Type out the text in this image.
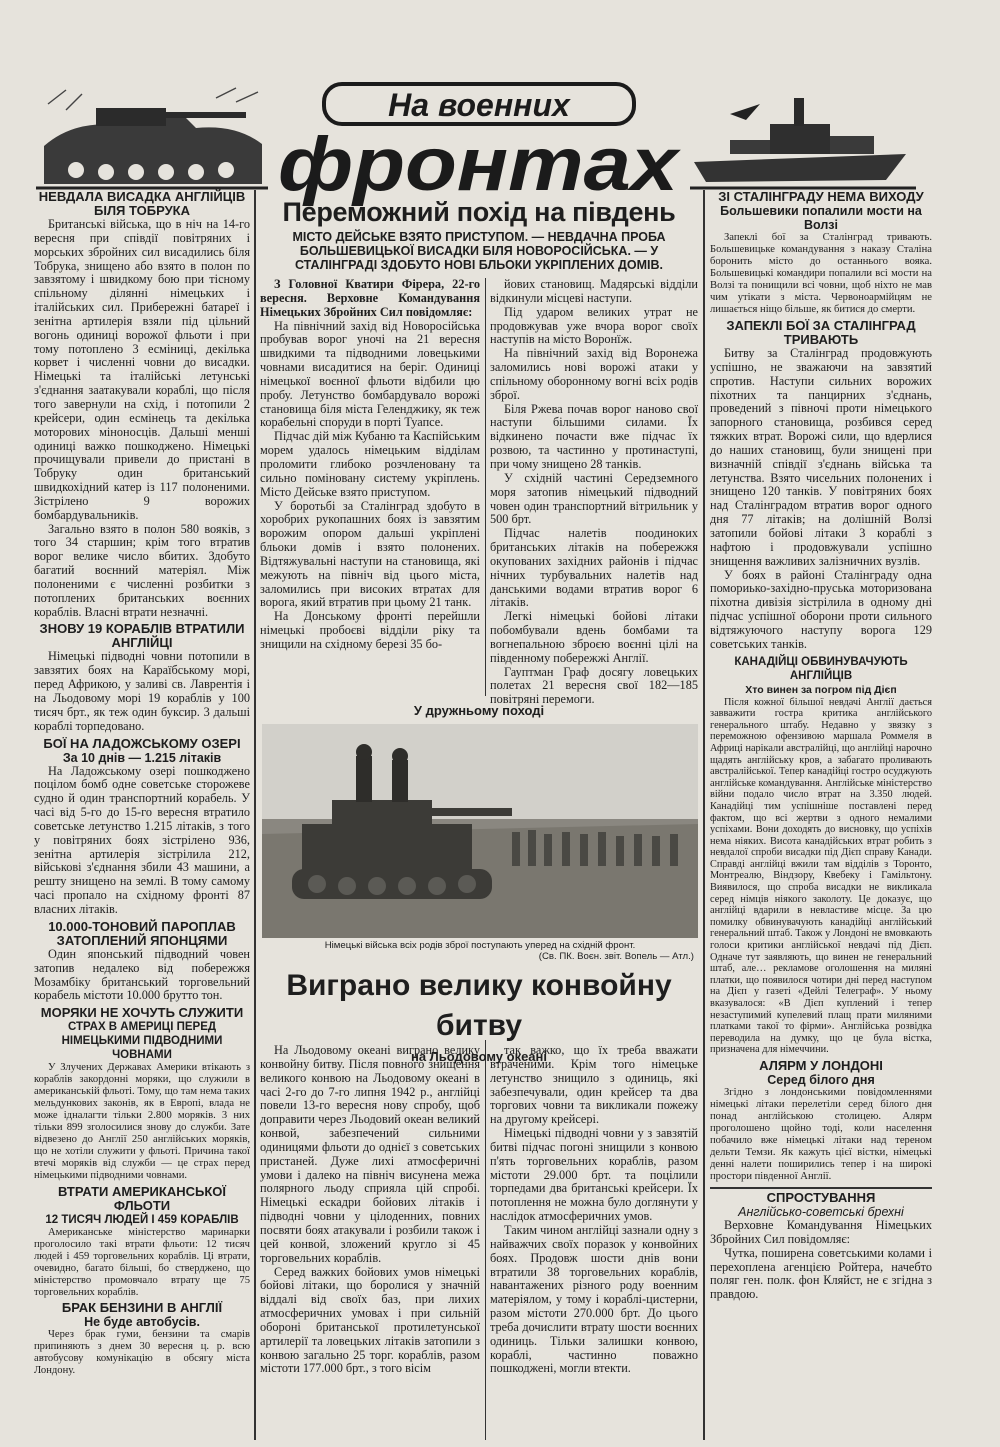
На военних
фронтах
НЕВДАЛА ВИСАДКА АНГЛІЙЦІВ БІЛЯ ТОБРУКА

Британські війська, що в ніч на 14-го вересня при співдії повітряних і морських збройних сил висадились біля Тобрука, знищено або взято в полон по завзятому і швидкому бою при тісному спільному ділянні німецьких і італійських сил. Прибережні батареї і зенітна артилерія взяли під цільний вогонь одиниці ворожої фльоти і при тому потоплено 3 есміниці, декілька корвет і численні човни до висадки. Німецькі та італійські летунські з'єднання заатакували кораблі, що після того завернули на схід, і потопили 2 крейсери, один есмінець та декілька моторових міноносців. Дальші менші одиниці важко пошкоджено. Німецькі прочищували привели до пристані в Тобруку один британський швидкохідний катер із 117 полоненими. Зістрілено 9 ворожих бомбардувальників.

Загально взято в полон 580 вояків, з того 34 старшин; крім того втратив ворог велике число вбитих. Здобуто багатий воєнний матеріял. Між полоненими є численні розбитки з потоплених британських воєнних кораблів. Власні втрати незначні.

ЗНОВУ 19 КОРАБЛІВ ВТРАТИЛИ АНГЛІЙЦІ

Німецькі підводні човни потопили в завзятих боях на Караїбському морі, перед Африкою, у заливі св. Лаврентія і на Льодовому морі 19 кораблів у 100 тисяч брт., як теж один буксир. 3 дальші кораблі торпедовано.

БОЇ НА ЛАДОЖСЬКОМУ ОЗЕРІ
За 10 днів — 1.215 літаків

На Ладожському озері пошкоджено поцілом бомб одне советське сторожеве судно й один транспортний корабель. У часі від 5-го до 15-го вересня втратило советське летунство 1.215 літаків, з того у повітряних боях зістрілено 936, зенітна артилерія зістрілила 212, військові з'єднання збили 43 машини, а решту знищено на землі. В тому самому часі пропало на східному фронті 87 власних літаків.

10.000-ТОНОВИЙ ПАРОПЛАВ ЗАТОПЛЕНИЙ ЯПОНЦЯМИ

Один японський підводний човен затопив недалеко від побережжя Мозамбіку британський торговельний корабель містоти 10.000 брутто тон.

МОРЯКИ НЕ ХОЧУТЬ СЛУЖИТИ
СТРАХ В АМЕРИЦІ ПЕРЕД НІМЕЦЬКИМИ ПІДВОДНИМИ ЧОВНАМИ

У Злучених Державах Америки втікають з кораблів закордонні моряки, що служили в американській фльоті. Тому, що там нема таких мельдункових законів, як в Европі, влада не може ідналагти тільки 2.800 моряків. 3 них тільки 899 зголосилися знову до служби. Зате відвезено до Англії 250 англійських моряків, що не хотіли служити у фльоті. Причина такої втечі моряків від служби — це страх перед німецькими підводними човнами.

ВТРАТИ АМЕРИКАНСЬКОЇ ФЛЬОТИ
12 ТИСЯЧ ЛЮДЕЙ І 459 КОРАБЛІВ

Американське міністерство маринарки проголосило такі втрати фльоти: 12 тисяч людей і 459 торговельних кораблів. Ці втрати, очевидно, багато більші, бо стверджено, що міністерство промовчало втрату ще 75 торговельних кораблів.

БРАК БЕНЗИНИ В АНГЛІЇ
Не буде автобусів.

Через брак гуми, бензини та смарів припиняють з днем 30 вересня ц. р. всю автобусову комунікацію в обсягу міста Лондону.

Переможний похід на південь
МІСТО ДЕЙСЬКЕ ВЗЯТО ПРИСТУПОМ. — НЕВДАЧНА ПРОБА БОЛЬШЕВИЦЬКОЇ ВИСАДКИ БІЛЯ НОВОРОСІЙСЬКА. — У СТАЛІНГРАДІ ЗДОБУТО НОВІ БЛЬОКИ УКРІПЛЕНИХ ДОМІВ.

З Головної Кватири Фірера, 22-го вересня. Верховне Командування Німецьких Збройних Сил повідомляє:

На північний захід від Новоросійська пробував ворог уночі на 21 вересня швидкими та підводними ловецькими човнами висадитися на беріг. Одиниці німецької воєнної фльоти відбили цю пробу. Летунство бомбардувало ворожі становища біля міста Геленджику, як теж корабельні споруди в порті Туапсе.

Підчас дій між Кубаню та Каспійським морем удалось німецьким відділам проломити глибоко розчленовану та сильно поміновану систему укріплень. Місто Дейське взято приступом.

У боротьбі за Сталінград здобуто в хоробрих рукопашних боях із завзятим ворожим опором дальші укріплені бльоки домів і взято полонених. Відтяжувальні наступи на становища, які межують на північ від цього міста, заломились при високих втратах для ворога, який втратив при цьому 21 танк.

На Донському фронті перейшли німецькі пробоєві відділи ріку та знищили на східному березі 35 бо-

йових становищ. Мадярські відділи відкинули місцеві наступи.

Під ударом великих утрат не продовжував уже вчора ворог своїх наступів на місто Воронїж.

На північний захід від Воронежа заломились нові ворожі атаки у спільному оборонному вогні всіх родів зброї.

Біля Ржева почав ворог наново свої наступи більшими силами. Їх відкинено почасти вже підчас їх розвою, та частинно у протинаступі, при чому знищено 28 танків.

У східній частині Середземного моря затопив німецький підводний човен один транспортний вітрильник у 500 брт.

Підчас налетів поодиноких британських літаків на побережжя окупованих західних районів і підчас нічних турбувальних налетів над данськими водами втратив ворог 6 літаків.

Легкі німецькі бойові літаки побомбували вдень бомбами та вогнепальною зброєю воєнні цілі на південному побережжі Англії.

Гауптман Граф досягу ловецьких полетах 21 вересня свої 182—185 повітряні перемоги.

У дружньому поході
Німецькі війська всіх родів зброї поступають уперед на східній фронт.
(Св. ПК. Воєн. звіт. Вопель — Атл.)
Виграно велику конвойну битву
на Льодовому океані

На Льодовому океані виграно велику конвойну битву. Після повного знищення великого конвою на Льодовому океані в часі 2-го до 7-го липня 1942 р., англійці повели 13-го вересня нову спробу, щоб доправити через Льодовий океан великий конвой, забезпечений сильними одиницями фльоти до однієї з советських пристаней. Дуже лихі атмосферичні умови і далеко на північ висунена межа полярного льоду сприяла цій спробі. Німецькі ескадри бойових літаків і підводні човни у цілоденних, повних посвяти боях атакували і розбили також і цей конвой, зложений кругло зі 45 торговельних кораблів.

Серед важких бойових умов німецькі бойові літаки, що боролися у значній віддалі від своїх баз, при лихих атмосферичних умовах і при сильній обороні британської протилетунської артилерії та ловецьких літаків затопили з конвою загально 25 торг. кораблів, разом містоти 177.000 брт., з того вісім

так важко, що їх треба вважати втраченими. Крім того німецьке летунство знищило з одиниць, які забезпечували, один крейсер та два торгових човни та викликали пожежу на другому крейсері.

Німецькі підводні човни у з завзятій битві підчас погоні знищили з конвою п'ять торговельних кораблів, разом містоти 29.000 брт. та поцілили торпедами два британські крейсери. Їх потоплення не можна було доглянути у наслідок атмосферичних умов.

Таким чином англійці зазнали одну з найважчих своїх поразок у конвойних боях. Продовж шости днів вони втратили 38 торговельних кораблів, навантажених різного роду военним матеріялом, у тому і кораблі-цистерни, разом містоти 270.000 брт. До цього треба дочислити втрату шости воєнних одиниць. Тільки залишки конвою, кораблі, частинно поважно пошкоджені, могли втекти.

ЗІ СТАЛІНГРАДУ НЕМА ВИХОДУ
Большевики попалили мости на Волзі

Запеклі бої за Сталінград тривають. Большевицьке командування з наказу Сталіна боронить місто до останнього вояка. Большевицькі командири попалили всі мости на Волзі та понищили всі човни, щоб ніхто не мав чим утікати з міста. Червоноармійцям не лишається ніщо більше, як битися до смерти.

ЗАПЕКЛІ БОЇ ЗА СТАЛІНГРАД ТРИВАЮТЬ

Битву за Сталінград продовжують успішно, не зважаючи на завзятий спротив. Наступи сильних ворожих піхотних та панцирних з'єднань, проведений з півночі проти німецького запорного становища, розбився серед тяжких втрат. Ворожі сили, що вдерлися до наших становищ, були знищені при визначній співдії з'єднань війська та летунства. Взято чисельних полонених і знищено 120 танків. У повітряних боях над Сталінградом втратив ворог одного дня 77 літаків; на долішній Волзі затопили бойові літаки 3 кораблі з нафтою і продовжували успішно знищення важливих залізничних вузлів.

У боях в районі Сталінграду одна помориько-західно-пруська моторизована піхотна дивізія зістрілила в одному дні підчас успішної оборони проти сильного відтяжуючого наступу ворога 129 советських танків.

КАНАДІЙЦІ ОБВИНУВАЧУЮТЬ АНГЛІЙЦІВ
Хто винен за погром під Дієп

Після кожної більшої невдачі Англії дається завважити гостра критика англійського генерального штабу. Недавно у звязку з переможною офензивою маршала Роммеля в Африці нарікали австралійці, що англійці нарочно щадять англійську кров, а забагато проливають австралійської. Тепер канадійці гостро осуджують англійське командування. Англійське міністерство війни подало число втрат на 3.350 людей. Канадійці тим успішніше поставлені перед фактом, що всі жертви з одного немалими успіхами. Вони доходять до висновку, що успіхів нема ніяких. Висота канадійських втрат робить з невдалої спроби висадки під Дієп справу Канади. Справді англійці вжили там відділів з Торонто, Монтреалю, Віндзору, Квебеку і Гамільтону. Виявилося, що спроба висадки не викликала серед німців ніякого заколоту. Це доказує, що англійці вдарили в невластиве місце. За цю помилку обвинувачують канадійці англійський генеральний штаб. Також у Лондоні не вмовкають голоси критики англійської невдачі під Дієп. Одначе тут заявляють, що винен не генеральний штаб, але… рекламове оголошення на миляні платки, що появилося чотири дні перед наступом на Дієп у газеті «Дейлі Телеграф». У ньому вказувалося: «В Дієп куплений і тепер незаступимий купелевий плащ прати миляними платками такої то фірми». Англійська розвідка переводила на думку, що це була вістка, призначена для німеччини.

АЛЯРМ У ЛОНДОНІ
Серед білого дня

Згідно з лондонськими повідомленнями німецькі літаки перелетіли серед білого дня понад англійською столицею. Алярм проголошено щойно тоді, коли населення побачило вже німецькі літаки над тереном дельти Темзи. Як кажуть цієї вістки, німецькі денні налети поширились тепер і на широкі простори південної Англії.

СПРОСТУВАННЯ
Англійсько-советські брехні

Верховне Командування Німецьких Збройних Сил повідомляє:

Чутка, поширена советськими колами і перехоплена агенцією Ройтера, начебто поляг ген. полк. фон Кляйст, не є згідна з правдою.
